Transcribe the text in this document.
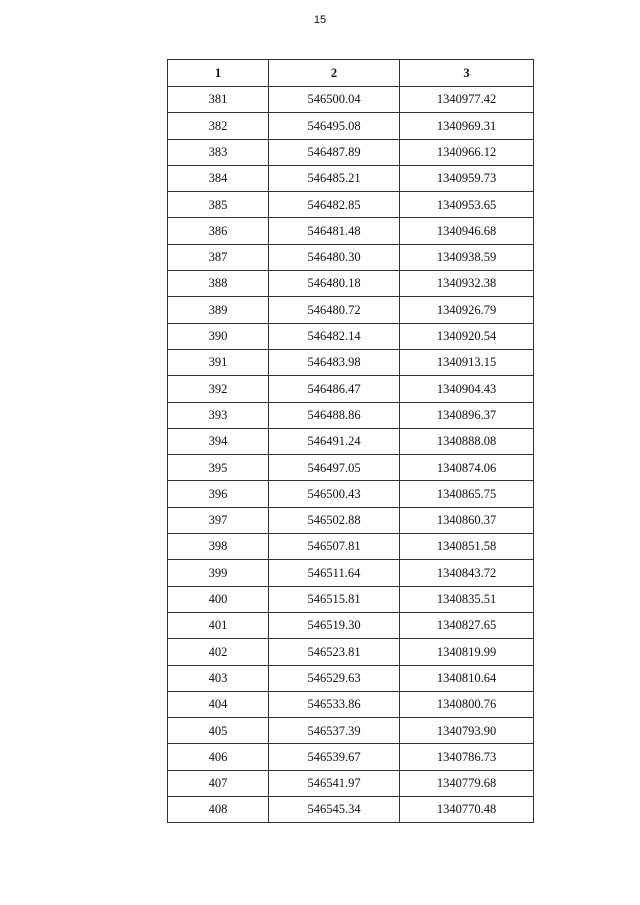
15
1	2	3
381	546500.04	1340977.42
382	546495.08	1340969.31
383	546487.89	1340966.12
384	546485.21	1340959.73
385	546482.85	1340953.65
386	546481.48	1340946.68
387	546480.30	1340938.59
388	546480.18	1340932.38
389	546480.72	1340926.79
390	546482.14	1340920.54
391	546483.98	1340913.15
392	546486.47	1340904.43
393	546488.86	1340896.37
394	546491.24	1340888.08
395	546497.05	1340874.06
396	546500.43	1340865.75
397	546502.88	1340860.37
398	546507.81	1340851.58
399	546511.64	1340843.72
400	546515.81	1340835.51
401	546519.30	1340827.65
402	546523.81	1340819.99
403	546529.63	1340810.64
404	546533.86	1340800.76
405	546537.39	1340793.90
406	546539.67	1340786.73
407	546541.97	1340779.68
408	546545.34	1340770.48
